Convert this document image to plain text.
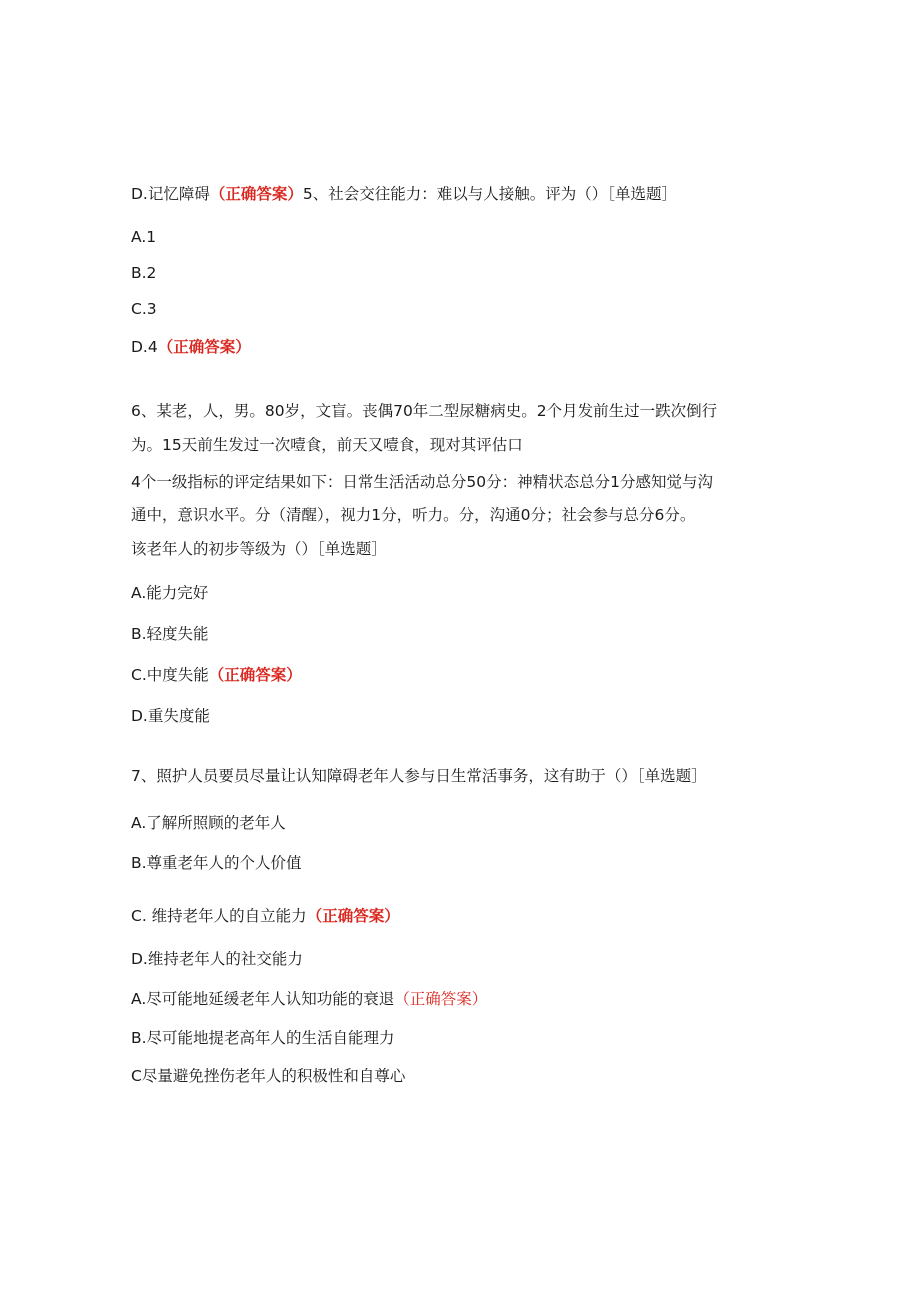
D.记忆障碍（正确答案）5、社会交往能力：难以与人接触。评为（）［单选题］
A.1
B.2
C.3
D.4（正确答案）
6、某老，人，男。80岁，文盲。丧偶70年二型尿糖病史。2个月发前生过一跌次倒行
为。15天前生发过一次噎食，前天又噎食，现对其评估口
4个一级指标的评定结果如下：日常生活活动总分50分：神精状态总分1分感知觉与沟
通中，意识水平。分（清醒），视力1分，听力。分，沟通0分；社会参与总分6分。
该老年人的初步等级为（）［单选题］
A.能力完好
B.轻度失能
C.中度失能（正确答案）
D.重失度能
7、照护人员要员尽量让认知障碍老年人参与日生常活事务，这有助于（）［单选题］
A.了解所照顾的老年人
B.尊重老年人的个人价值
C. 维持老年人的自立能力（正确答案）
D.维持老年人的社交能力
A.尽可能地延缓老年人认知功能的衰退（正确答案）
B.尽可能地提老高年人的生活自能理力
C尽量避免挫伤老年人的积极性和自尊心
